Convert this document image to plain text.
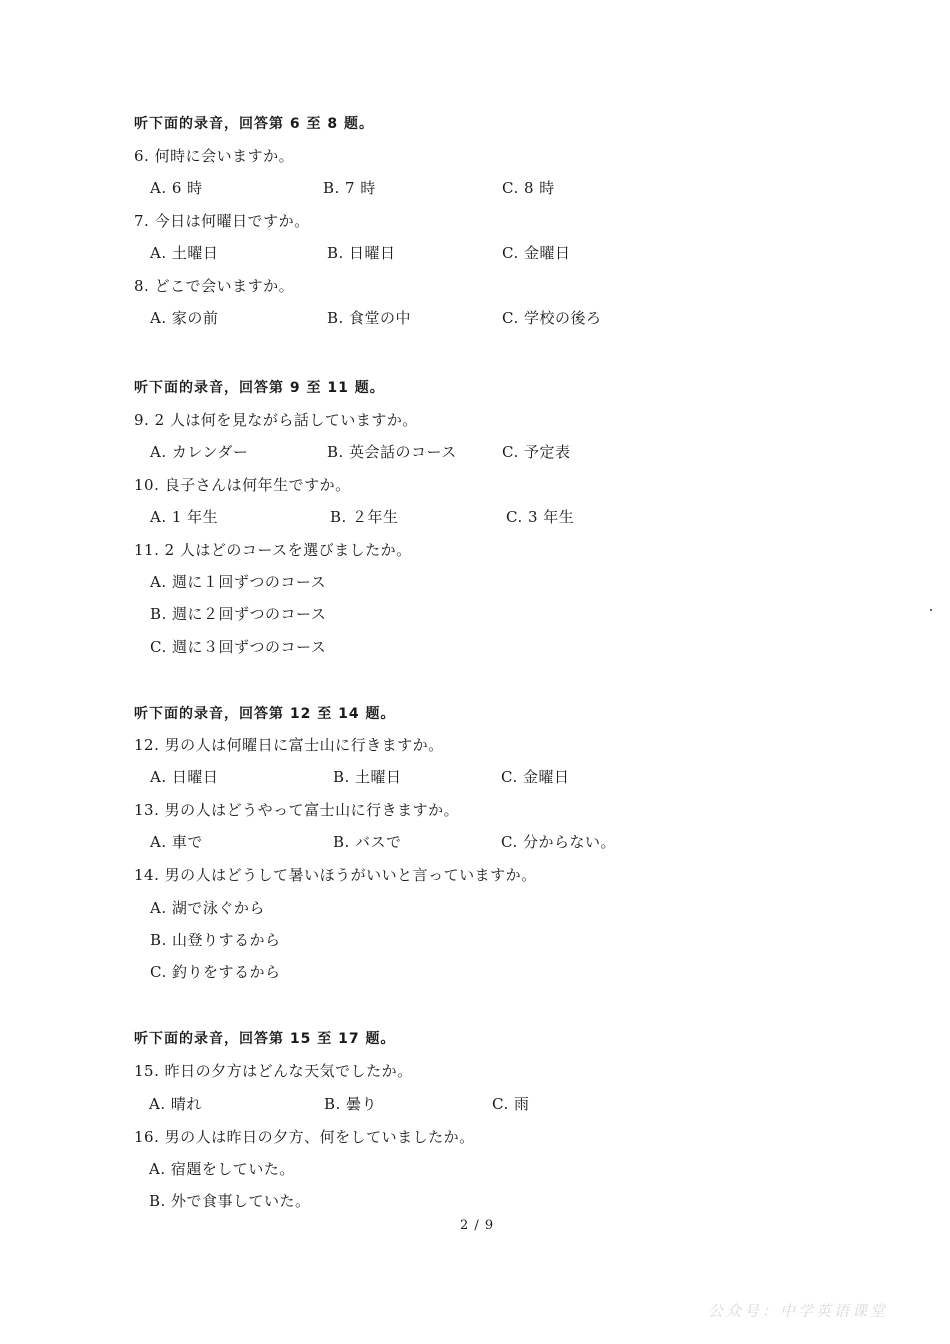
听下面的录音，回答第 6 至 8 题。
6. 何時に会いますか。
A. 6 時	B. 7 時	C. 8 時
7. 今日は何曜日ですか。
A. 土曜日	B. 日曜日	C. 金曜日
8. どこで会いますか。
A. 家の前	B. 食堂の中	C. 学校の後ろ
听下面的录音，回答第 9 至 11 题。
9. 2 人は何を見ながら話していますか。
A. カレンダー	B. 英会話のコース	C. 予定表
10. 良子さんは何年生ですか。
A. 1 年生	B. ２年生	C. 3 年生
11. 2 人はどのコースを選びましたか。
A. 週に１回ずつのコース
B. 週に２回ずつのコース
C. 週に３回ずつのコース
听下面的录音，回答第 12 至 14 题。
12. 男の人は何曜日に富士山に行きますか。
A. 日曜日	B. 土曜日	C. 金曜日
13. 男の人はどうやって富士山に行きますか。
A. 車で	B. バスで	C. 分からない。
14. 男の人はどうして暑いほうがいいと言っていますか。
A. 湖で泳ぐから
B. 山登りするから
C. 釣りをするから
听下面的录音，回答第 15 至 17 题。
15. 昨日の夕方はどんな天気でしたか。
A. 晴れ	B. 曇り	C. 雨
16. 男の人は昨日の夕方、何をしていましたか。
A. 宿題をしていた。
B. 外で食事していた。
2 / 9
公众号：中学英语课堂
